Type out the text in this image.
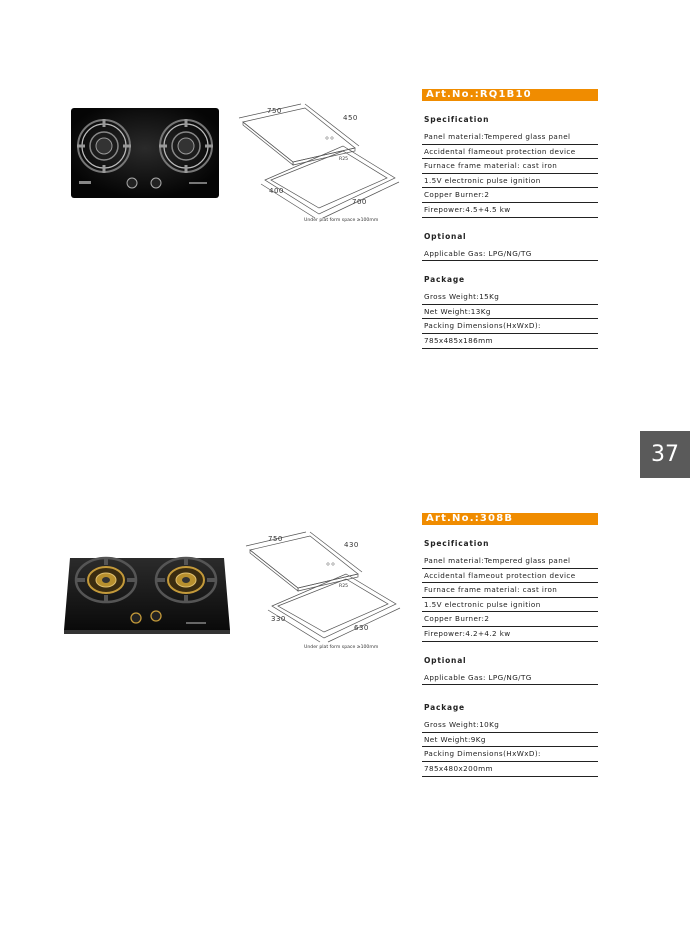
750
450
R25
400
700
Under plat form space ≥100mm
Art.No.:RQ1B10
Specification
Panel material:Tempered glass panel
Accidental flameout protection device
Furnace frame material: cast iron
1.5V electronic pulse ignition
Copper Burner:2
Firepower:4.5+4.5 kw
Optional
Applicable Gas: LPG/NG/TG
Package
Gross Weight:15Kg
Net Weight:13Kg
Packing Dimensions(HxWxD):
785x485x186mm
37
750
430
R25
330
630
Under plat form space ≥100mm
Art.No.:308B
Specification
Panel material:Tempered glass panel
Accidental flameout protection device
Furnace frame material: cast iron
1.5V electronic pulse ignition
Copper Burner:2
Firepower:4.2+4.2 kw
Optional
Applicable Gas: LPG/NG/TG
Package
Gross Weight:10Kg
Net Weight:9Kg
Packing Dimensions(HxWxD):
785x480x200mm
